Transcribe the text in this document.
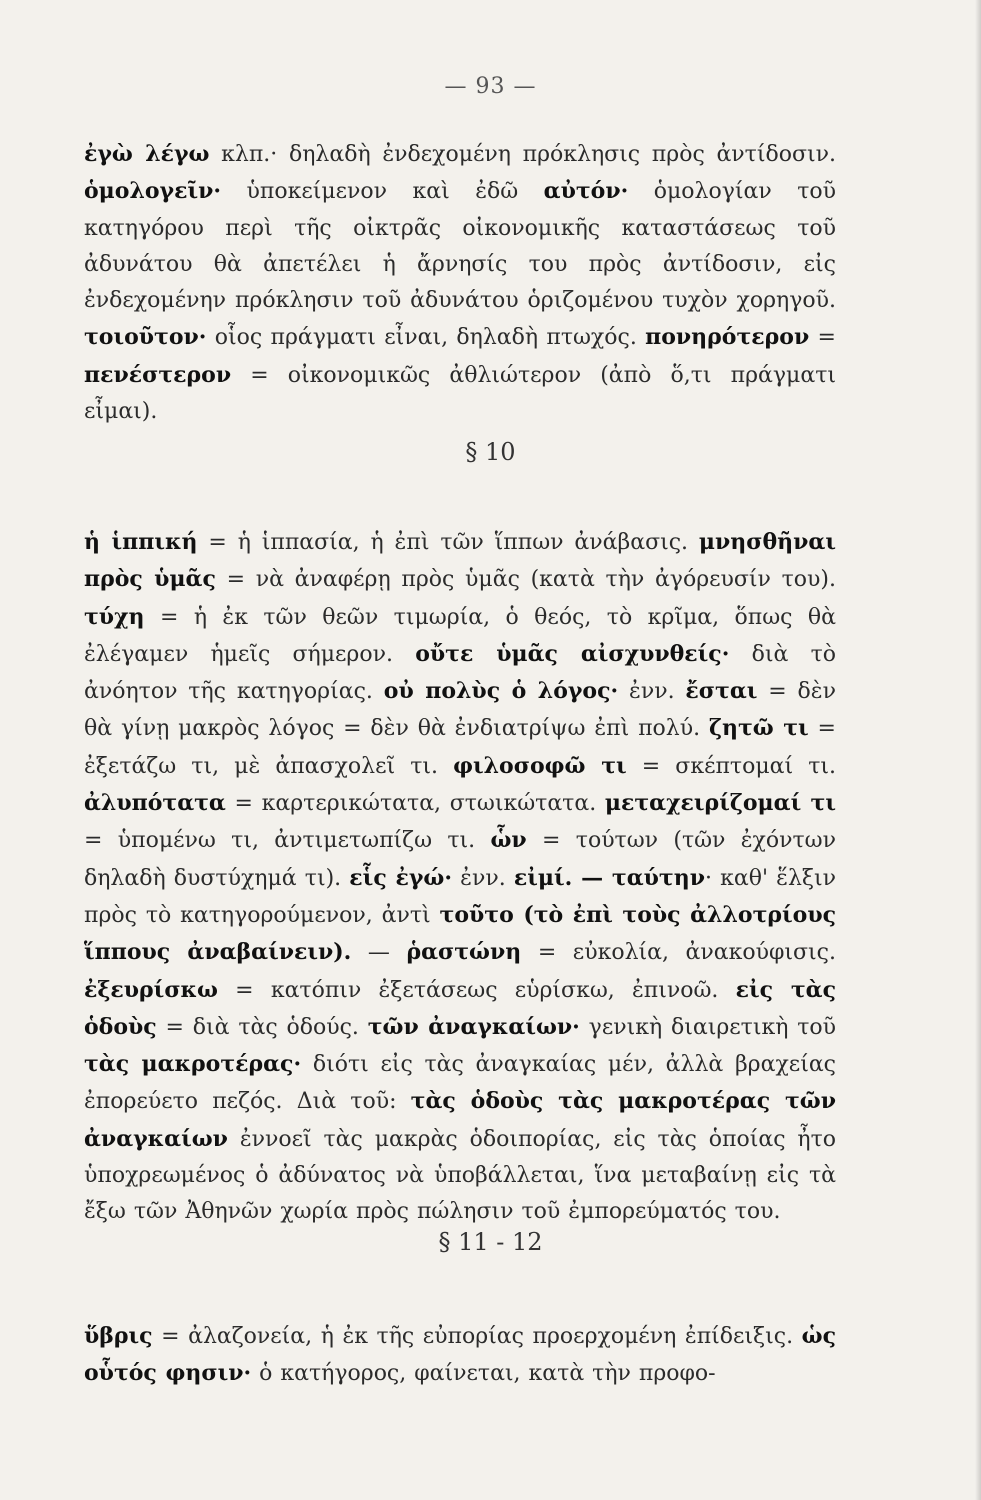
— 93 —
ἐγὼ λέγω κλπ.· δηλαδὴ ἐνδεχομένη πρόκλησις πρὸς ἀντίδοσιν. ὁμολογεῖν· ὑποκείμενον καὶ ἐδῶ αὐτόν· ὁμολογίαν τοῦ κατηγόρου περὶ τῆς οἰκτρᾶς οἰκονομικῆς καταστάσεως τοῦ ἀδυνάτου θὰ ἀπετέλει ἡ ἄρνησίς του πρὸς ἀντίδοσιν, εἰς ἐνδεχομένην πρόκλησιν τοῦ ἀδυνάτου ὁριζομένου τυχὸν χορηγοῦ. τοιοῦτον· οἷος πράγματι εἶναι, δηλαδὴ πτωχός. πονηρότερον = πενέστερον = οἰκονομικῶς ἀθλιώτερον (ἀπὸ ὅ,τι πράγματι εἶμαι).
§ 10
ἡ ἱππική = ἡ ἱππασία, ἡ ἐπὶ τῶν ἵππων ἀνάβασις. μνησθῆναι πρὸς ὑμᾶς = νὰ ἀναφέρῃ πρὸς ὑμᾶς (κατὰ τὴν ἀγόρευσίν του). τύχη = ἡ ἐκ τῶν θεῶν τιμωρία, ὁ θεός, τὸ κρῖμα, ὅπως θὰ ἐλέγαμεν ἡμεῖς σήμερον. οὔτε ὑμᾶς αἰσχυνθείς· διὰ τὸ ἀνόητον τῆς κατηγορίας. οὐ πολὺς ὁ λόγος· ἐνν. ἔσται = δὲν θὰ γίνῃ μακρὸς λόγος = δὲν θὰ ἐνδιατρίψω ἐπὶ πολύ. ζητῶ τι = ἐξετάζω τι, μὲ ἀπασχολεῖ τι. φιλοσοφῶ τι = σκέπτομαί τι. ἀλυπότατα = καρτερικώτατα, στωικώτατα. μεταχειρίζομαί τι = ὑπομένω τι, ἀντιμετωπίζω τι. ὧν = τούτων (τῶν ἐχόντων δηλαδὴ δυστύχημά τι). εἷς ἐγώ· ἐνν. εἰμί. — ταύτην· καθ' ἕλξιν πρὸς τὸ κατηγορούμενον, ἀντὶ τοῦτο (τὸ ἐπὶ τοὺς ἀλλοτρίους ἵππους ἀναβαίνειν). — ῥαστώνη = εὐκολία, ἀνακούφισις. ἐξευρίσκω = κατόπιν ἐξετάσεως εὑρίσκω, ἐπινοῶ. εἰς τὰς ὁδοὺς = διὰ τὰς ὁδούς. τῶν ἀναγκαίων· γενικὴ διαιρετικὴ τοῦ τὰς μακροτέρας· διότι εἰς τὰς ἀναγκαίας μέν, ἀλλὰ βραχείας ἐπορεύετο πεζός. Διὰ τοῦ: τὰς ὁδοὺς τὰς μακροτέρας τῶν ἀναγκαίων ἐννοεῖ τὰς μακρὰς ὁδοιπορίας, εἰς τὰς ὁποίας ἦτο ὑποχρεωμένος ὁ ἀδύνατος νὰ ὑποβάλλεται, ἵνα μεταβαίνῃ εἰς τὰ ἔξω τῶν Ἀθηνῶν χωρία πρὸς πώλησιν τοῦ ἐμπορεύματός του.
§ 11 - 12
ὕβρις = ἀλαζονεία, ἡ ἐκ τῆς εὐπορίας προερχομένη ἐπίδειξις. ὡς οὗτός φησιν· ὁ κατήγορος, φαίνεται, κατὰ τὴν προφο-
